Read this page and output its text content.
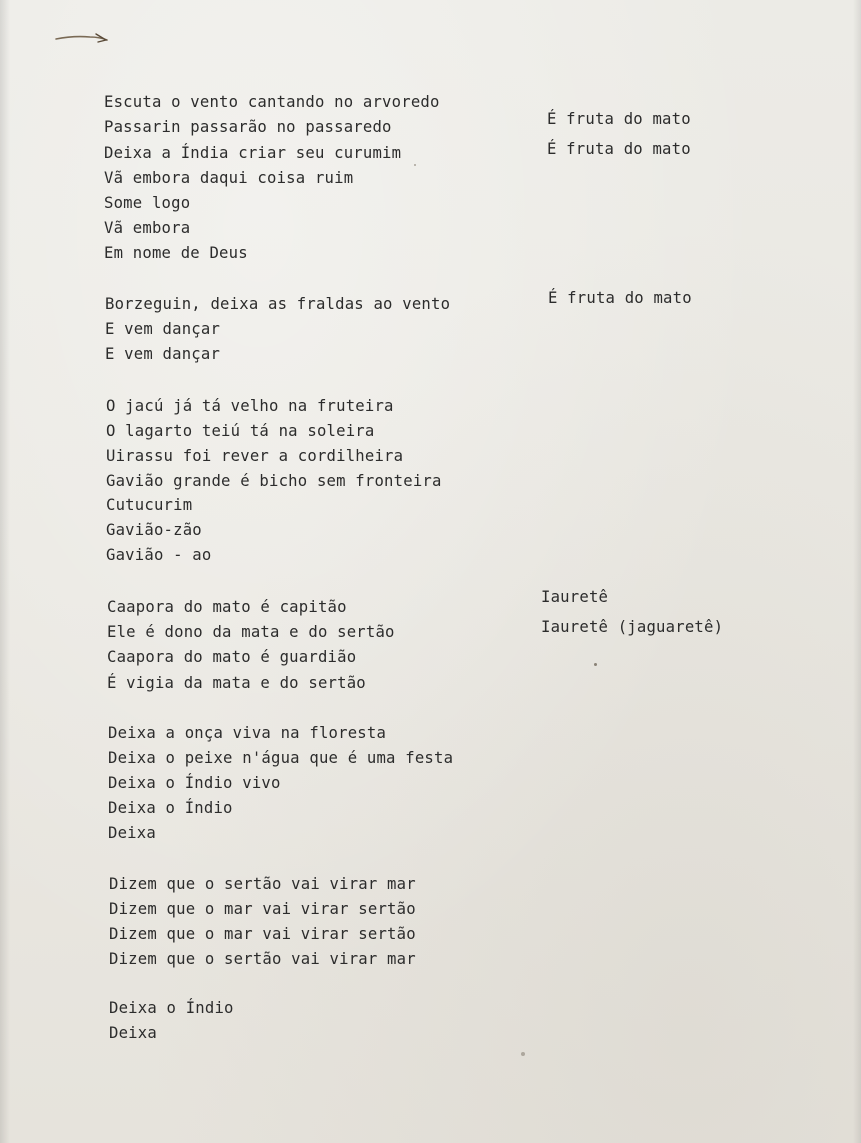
Escuta o vento cantando no arvoredo
Passarin passarão no passaredo
Deixa a Índia criar seu curumim
Vã embora daqui coisa ruim
Some logo
Vã embora
Em nome de Deus
Borzeguin, deixa as fraldas ao vento
E vem dançar
E vem dançar
O jacú já tá velho na fruteira
O lagarto teiú tá na soleira
Uirassu foi rever a cordilheira
Gavião grande é bicho sem fronteira
Cutucurim
Gavião-zão
Gavião - ao
Caapora do mato é capitão
Ele é dono da mata e do sertão
Caapora do mato é guardião
É vigia da mata e do sertão
Deixa a onça viva na floresta
Deixa o peixe n'água que é uma festa
Deixa o Índio vivo
Deixa o Índio
Deixa
Dizem que o sertão vai virar mar
Dizem que o mar vai virar sertão
Dizem que o mar vai virar sertão
Dizem que o sertão vai virar mar
Deixa o Índio
Deixa
É fruta do mato
É fruta do mato
É fruta do mato
Iauretê
Iauretê (jaguaretê)
